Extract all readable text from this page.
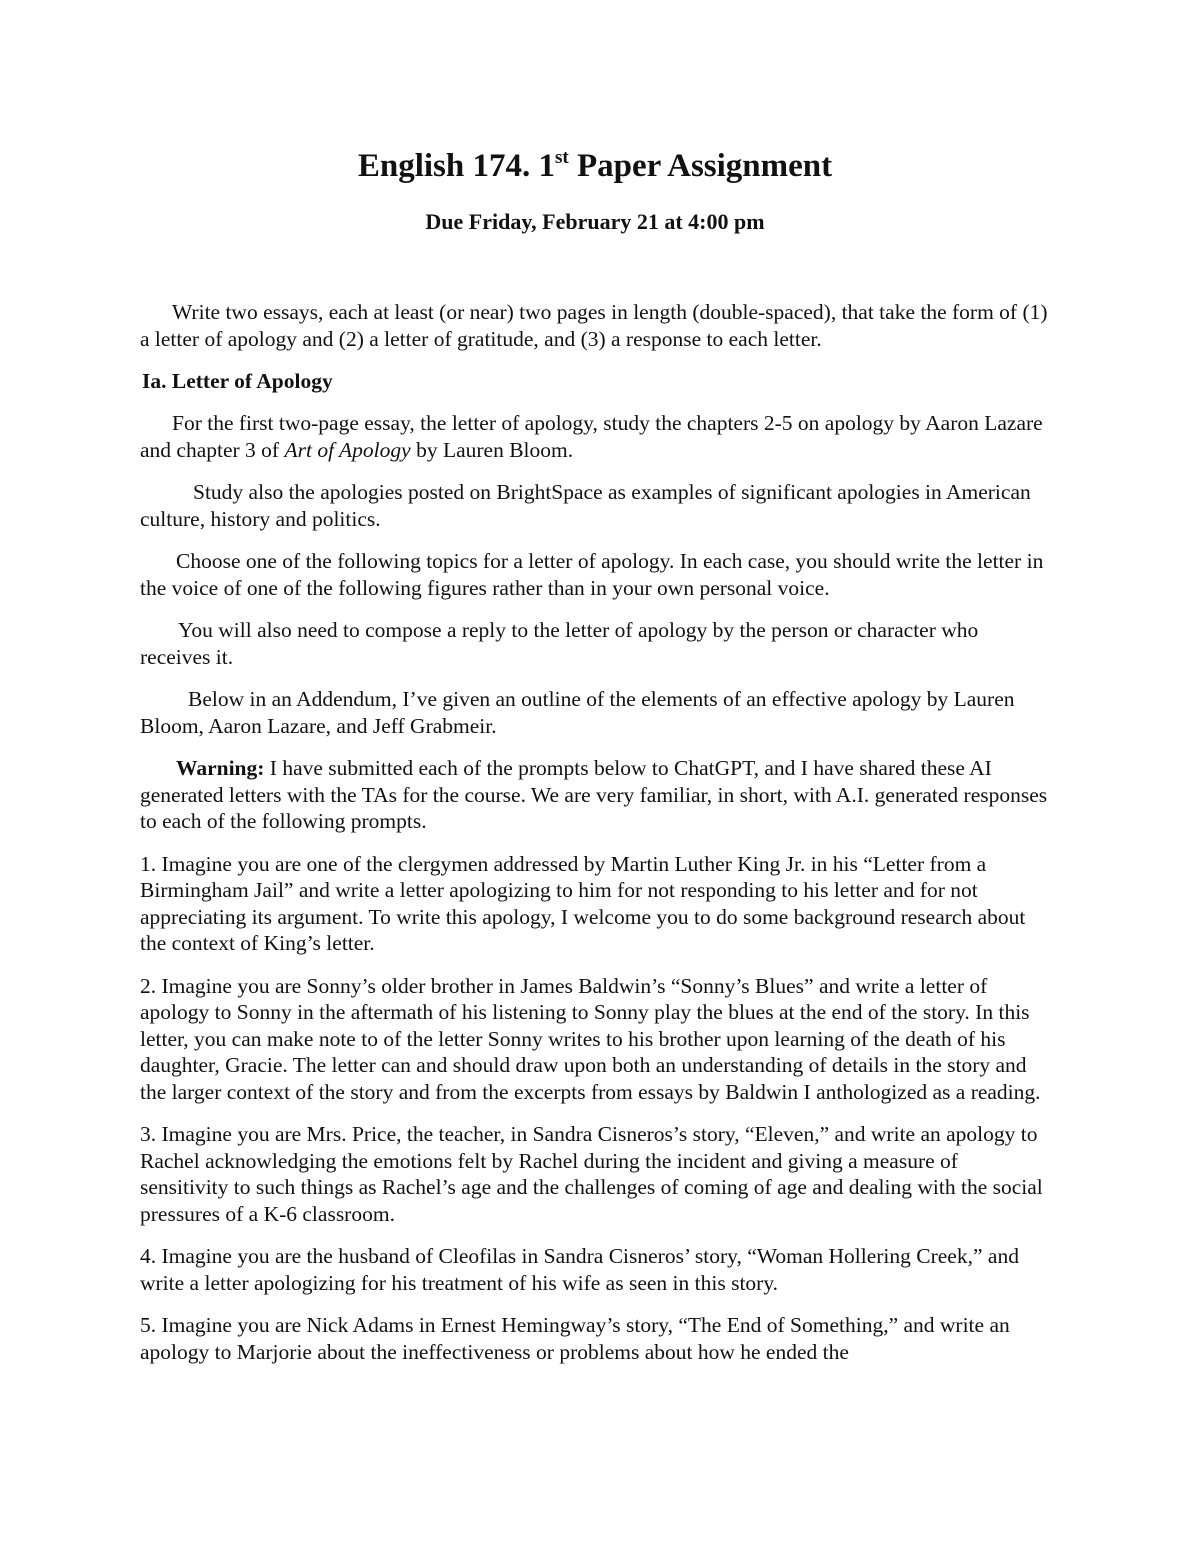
English 174. 1st Paper Assignment

Due Friday, February 21 at 4:00 pm

Write two essays, each at least (or near) two pages in length (double-spaced), that take the form of (1) a letter of apology and (2) a letter of gratitude, and (3) a response to each letter.

Ia. Letter of Apology

For the first two-page essay, the letter of apology, study the chapters 2-5 on apology by Aaron Lazare and chapter 3 of Art of Apology by Lauren Bloom.

Study also the apologies posted on BrightSpace as examples of significant apologies in American culture, history and politics.

Choose one of the following topics for a letter of apology. In each case, you should write the letter in the voice of one of the following figures rather than in your own personal voice.

You will also need to compose a reply to the letter of apology by the person or character who receives it.

Below in an Addendum, I’ve given an outline of the elements of an effective apology by Lauren Bloom, Aaron Lazare, and Jeff Grabmeir.

Warning: I have submitted each of the prompts below to ChatGPT, and I have shared these AI generated letters with the TAs for the course. We are very familiar, in short, with A.I. generated responses to each of the following prompts.

1. Imagine you are one of the clergymen addressed by Martin Luther King Jr. in his “Letter from a Birmingham Jail” and write a letter apologizing to him for not responding to his letter and for not appreciating its argument. To write this apology, I welcome you to do some background research about the context of King’s letter.

2. Imagine you are Sonny’s older brother in James Baldwin’s “Sonny’s Blues” and write a letter of apology to Sonny in the aftermath of his listening to Sonny play the blues at the end of the story. In this letter, you can make note to of the letter Sonny writes to his brother upon learning of the death of his daughter, Gracie. The letter can and should draw upon both an understanding of details in the story and the larger context of the story and from the excerpts from essays by Baldwin I anthologized as a reading.

3. Imagine you are Mrs. Price, the teacher, in Sandra Cisneros’s story, “Eleven,” and write an apology to Rachel acknowledging the emotions felt by Rachel during the incident and giving a measure of sensitivity to such things as Rachel’s age and the challenges of coming of age and dealing with the social pressures of a K-6 classroom.

4. Imagine you are the husband of Cleofilas in Sandra Cisneros’ story, “Woman Hollering Creek,” and write a letter apologizing for his treatment of his wife as seen in this story.

5. Imagine you are Nick Adams in Ernest Hemingway’s story, “The End of Something,” and write an apology to Marjorie about the ineffectiveness or problems about how he ended the
